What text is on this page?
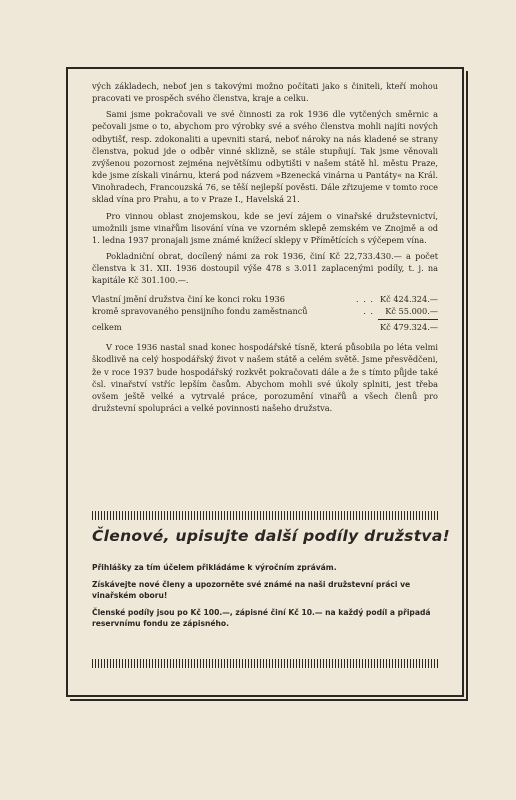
vých základech, neboť jen s takovými možno počítati jako s činiteli, kteří mohou pracovati ve prospěch svého členstva, kraje a celku.

Sami jsme pokračovali ve své činnosti za rok 1936 dle vytčených směrnic a pečovali jsme o to, abychom pro výrobky své a svého členstva mohli najíti nových odbytišť, resp. zdokonaliti a upevniti stará, neboť nároky na nás kladené se strany členstva, pokud jde o odběr vinné sklizně, se stále stupňují. Tak jsme věnovali zvýšenou pozornost zejména největšímu odbytišti v našem státě hl. městu Praze, kde jsme získali vinárnu, která pod názvem »Bzenecká vinárna u Pantáty« na Král. Vinohradech, Francouzská 76, se těší nejlepší pověsti. Dále zřizujeme v tomto roce sklad vína pro Prahu, a to v Praze I., Havelská 21.

Pro vinnou oblast znojemskou, kde se jeví zájem o vinařské družstevnictví, umožnili jsme vinařům lisování vína ve vzorném sklepě zemském ve Znojmě a od 1. ledna 1937 pronajali jsme známé knížecí sklepy v Přímětících s výčepem vína.

Pokladniční obrat, docílený námi za rok 1936, činí Kč 22,733.430.— a počet členstva k 31. XII. 1936 dostoupil výše 478 s 3.011 zaplacenými podíly, t. j. na kapitále Kč 301.100.—.

Vlastní jmění družstva činí ke konci roku 1936	. . . Kč 424.324.—
kromě spravovaného pensijního fondu zaměstnanců	. .	Kč 55.000.—
celkem	Kč 479.324.—

V roce 1936 nastal snad konec hospodářské tísně, která působila po léta velmi škodlivě na celý hospodářský život v našem státě a celém světě. Jsme přesvědčeni, že v roce 1937 bude hospodářský rozkvět pokračovati dále a že s tímto půjde také čsl. vinařství vstříc lepším časům. Abychom mohli své úkoly splniti, jest třeba ovšem ještě velké a vytrvalé práce, porozumění vinařů a všech členů pro družstevní spolupráci a velké povinnosti našeho družstva.

Členové, upisujte další podíly družstva!

Přihlášky za tím účelem přikládáme k výročním zprávám.

Získávejte nové členy a upozorněte své známé na naši družstevní práci ve vinařském oboru!

Členské podíly jsou po Kč 100.—, zápisné činí Kč 10.— na každý podíl a připadá reservnímu fondu ze zápisného.
